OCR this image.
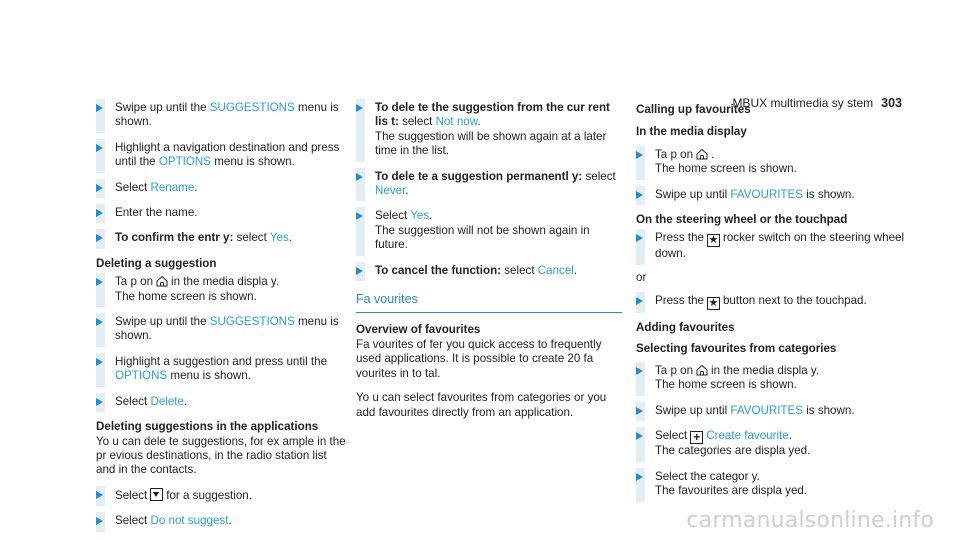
MBUX multimedia sy stem 303
Swipe up until the SUGGESTIONS menu is shown.
Highlight a navigation destination and press until the OPTIONS menu is shown.
Select Rename.
Enter the name.
To confirm the entr y: select Yes.
Deleting a suggestion
Ta p on in the media displa y.
The home screen is shown.
Swipe up until the SUGGESTIONS menu is shown.
Highlight a suggestion and press until the OPTIONS menu is shown.
Select Delete.
Deleting suggestions in the applications
Yo u can dele te suggestions, for ex ample in the pr evious destinations, in the radio station list and in the contacts.
Select for a suggestion.
Select Do not suggest.
To dele te the suggestion from the cur rent lis t: select Not now.
The suggestion will be shown again at a later time in the list.
To dele te a suggestion permanentl y: select Never.
Select Yes.
The suggestion will not be shown again in future.
To cancel the function: select Cancel.
Fa vourites
Overview of favourites
Fa vourites of fer you quick access to frequently used applications. It is possible to create 20 fa vourites in to tal.
Yo u can select favourites from categories or you add favourites directly from an application.
Calling up favourites
In the media display
Ta p on .
The home screen is shown.
Swipe up until FAVOURITES is shown.
On the steering wheel or the touchpad
Press the ★ rocker switch on the steering wheel down.
or
Press the ★ button next to the touchpad.
Adding favourites
Selecting favourites from categories
Ta p on in the media displa y.
The home screen is shown.
Swipe up until FAVOURITES is shown.
Select + Create favourite.
The categories are displa yed.
Select the categor y.
The favourites are displa yed.
carmanualsonline.info
